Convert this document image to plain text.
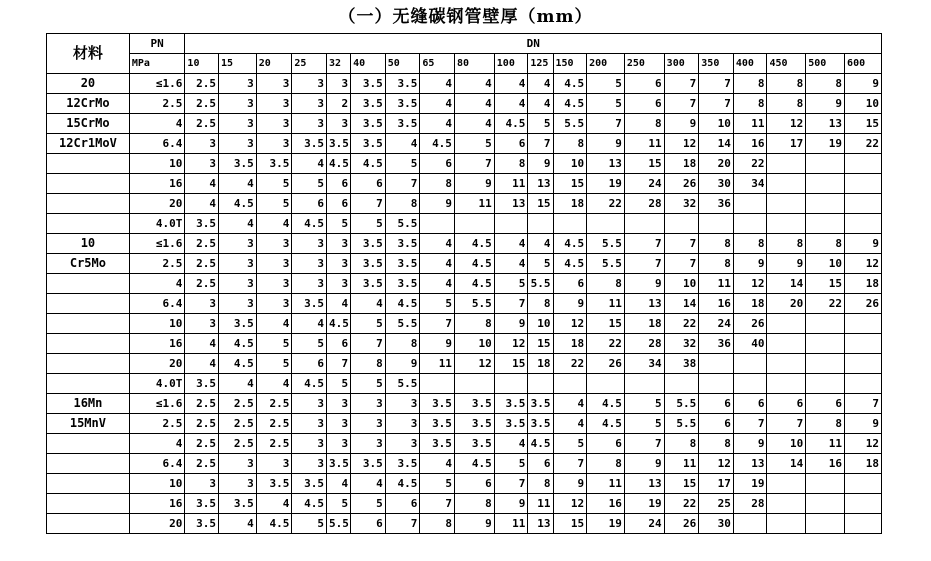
（一）无缝碳钢管壁厚（mm）
材料	PN	DN																			
	MPa	10	15	20	25	32	40	50	65	80	100	125	150	200	250	300	350	400	450	500	600
20	≤1.6	2.5	3	3	3	3	3.5	3.5	4	4	4	4	4.5	5	6	7	7	8	8	8	9
12CrMo	2.5	2.5	3	3	3	2	3.5	3.5	4	4	4	4	4.5	5	6	7	7	8	8	9	10
15CrMo	4	2.5	3	3	3	3	3.5	3.5	4	4	4.5	5	5.5	7	8	9	10	11	12	13	15
12Cr1MoV	6.4	3	3	3	3.5	3.5	3.5	4	4.5	5	6	7	8	9	11	12	14	16	17	19	22
	10	3	3.5	3.5	4	4.5	4.5	5	6	7	8	9	10	13	15	18	20	22			
	16	4	4	5	5	6	6	7	8	9	11	13	15	19	24	26	30	34			
	20	4	4.5	5	6	6	7	8	9	11	13	15	18	22	28	32	36				
	4.0T	3.5	4	4	4.5	5	5	5.5													
10	≤1.6	2.5	3	3	3	3	3.5	3.5	4	4.5	4	4	4.5	5.5	7	7	8	8	8	8	9
Cr5Mo	2.5	2.5	3	3	3	3	3.5	3.5	4	4.5	4	5	4.5	5.5	7	7	8	9	9	10	12
	4	2.5	3	3	3	3	3.5	3.5	4	4.5	5	5.5	6	8	9	10	11	12	14	15	18
	6.4	3	3	3	3.5	4	4	4.5	5	5.5	7	8	9	11	13	14	16	18	20	22	26
	10	3	3.5	4	4	4.5	5	5.5	7	8	9	10	12	15	18	22	24	26			
	16	4	4.5	5	5	6	7	8	9	10	12	15	18	22	28	32	36	40			
	20	4	4.5	5	6	7	8	9	11	12	15	18	22	26	34	38					
	4.0T	3.5	4	4	4.5	5	5	5.5													
16Mn	≤1.6	2.5	2.5	2.5	3	3	3	3	3.5	3.5	3.5	3.5	4	4.5	5	5.5	6	6	6	6	7
15MnV	2.5	2.5	2.5	2.5	3	3	3	3	3.5	3.5	3.5	3.5	4	4.5	5	5.5	6	7	7	8	9
	4	2.5	2.5	2.5	3	3	3	3	3.5	3.5	4	4.5	5	6	7	8	8	9	10	11	12
	6.4	2.5	3	3	3	3.5	3.5	3.5	4	4.5	5	6	7	8	9	11	12	13	14	16	18
	10	3	3	3.5	3.5	4	4	4.5	5	6	7	8	9	11	13	15	17	19			
	16	3.5	3.5	4	4.5	5	5	6	7	8	9	11	12	16	19	22	25	28			
	20	3.5	4	4.5	5	5.5	6	7	8	9	11	13	15	19	24	26	30				
